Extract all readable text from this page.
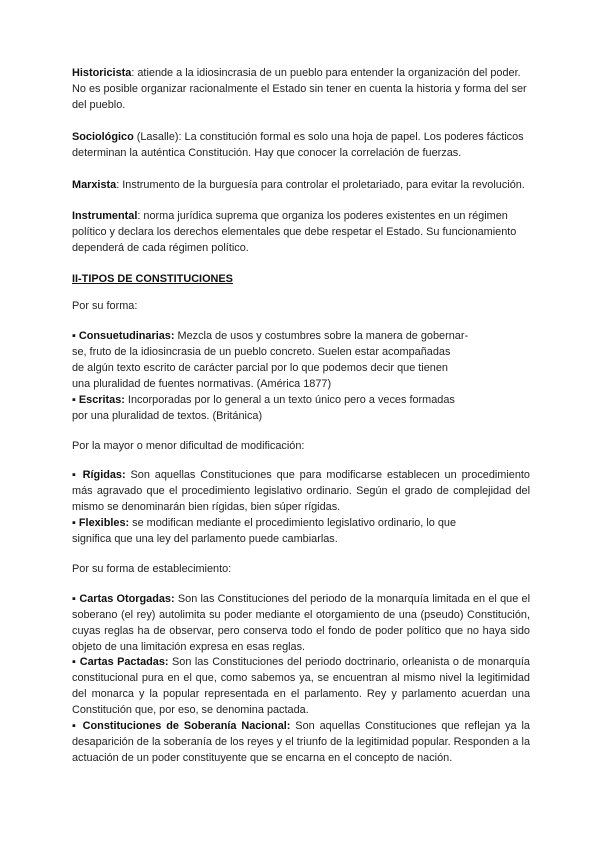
Historicista: atiende a la idiosincrasia de un pueblo para entender la organización del poder. No es posible organizar racionalmente el Estado sin tener en cuenta la historia y forma del ser del pueblo.

Sociológico (Lasalle): La constitución formal es solo una hoja de papel. Los poderes fácticos determinan la auténtica Constitución. Hay que conocer la correlación de fuerzas.

Marxista: Instrumento de la burguesía para controlar el proletariado, para evitar la revolución.

Instrumental: norma jurídica suprema que organiza los poderes existentes en un régimen político y declara los derechos elementales que debe respetar el Estado. Su funcionamiento dependerá de cada régimen político.

II-TIPOS DE CONSTITUCIONES
Por su forma:
▪ Consuetudinarias: Mezcla de usos y costumbres sobre la manera de gobernar-
se, fruto de la idiosincrasia de un pueblo concreto. Suelen estar acompañadas
de algún texto escrito de carácter parcial por lo que podemos decir que tienen
una pluralidad de fuentes normativas. (América 1877)
▪ Escritas: Incorporadas por lo general a un texto único pero a veces formadas
por una pluralidad de textos. (Británica)
Por la mayor o menor dificultad de modificación:

▪ Rígidas: Son aquellas Constituciones que para modificarse establecen un procedimiento más agravado que el procedimiento legislativo ordinario. Según el grado de complejidad del mismo se denominarán bien rígidas, bien súper rígidas.

▪ Flexibles: se modifican mediante el procedimiento legislativo ordinario, lo que
significa que una ley del parlamento puede cambiarlas.
Por su forma de establecimiento:

▪ Cartas Otorgadas: Son las Constituciones del periodo de la monarquía limitada en el que el soberano (el rey) autolimita su poder mediante el otorgamiento de una (pseudo) Constitución, cuyas reglas ha de observar, pero conserva todo el fondo de poder político que no haya sido objeto de una limitación expresa en esas reglas.

▪ Cartas Pactadas: Son las Constituciones del periodo doctrinario, orleanista o de monarquía constitucional pura en el que, como sabemos ya, se encuentran al mismo nivel la legitimidad del monarca y la popular representada en el parlamento. Rey y parlamento acuerdan una Constitución que, por eso, se denomina pactada.

▪ Constituciones de Soberanía Nacional: Son aquellas Constituciones que reflejan ya la desaparición de la soberanía de los reyes y el triunfo de la legitimidad popular. Responden a la actuación de un poder constituyente que se encarna en el concepto de nación.
